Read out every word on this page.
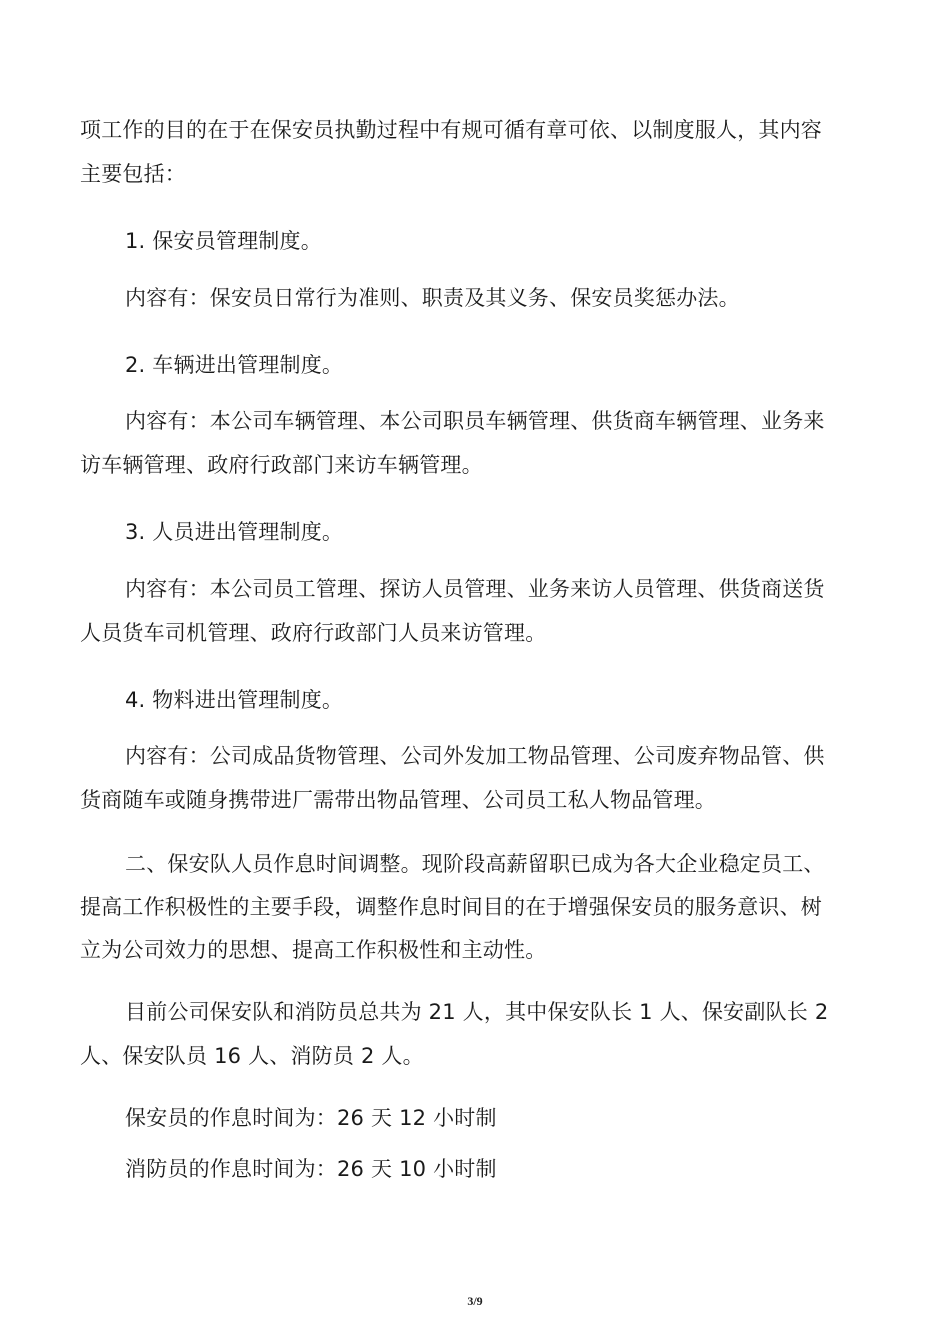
项工作的目的在于在保安员执勤过程中有规可循有章可依、以制度服人，其内容
主要包括：
1. 保安员管理制度。
内容有：保安员日常行为准则、职责及其义务、保安员奖惩办法。
2. 车辆进出管理制度。
内容有：本公司车辆管理、本公司职员车辆管理、供货商车辆管理、业务来
访车辆管理、政府行政部门来访车辆管理。
3. 人员进出管理制度。
内容有：本公司员工管理、探访人员管理、业务来访人员管理、供货商送货
人员货车司机管理、政府行政部门人员来访管理。
4. 物料进出管理制度。
内容有：公司成品货物管理、公司外发加工物品管理、公司废弃物品管、供
货商随车或随身携带进厂需带出物品管理、公司员工私人物品管理。
二、保安队人员作息时间调整。现阶段高薪留职已成为各大企业稳定员工、
提高工作积极性的主要手段，调整作息时间目的在于增强保安员的服务意识、树
立为公司效力的思想、提高工作积极性和主动性。
目前公司保安队和消防员总共为 21 人，其中保安队长 1 人、保安副队长 2
人、保安队员 16 人、消防员 2 人。
保安员的作息时间为：26 天 12 小时制
消防员的作息时间为：26 天 10 小时制
3/9
